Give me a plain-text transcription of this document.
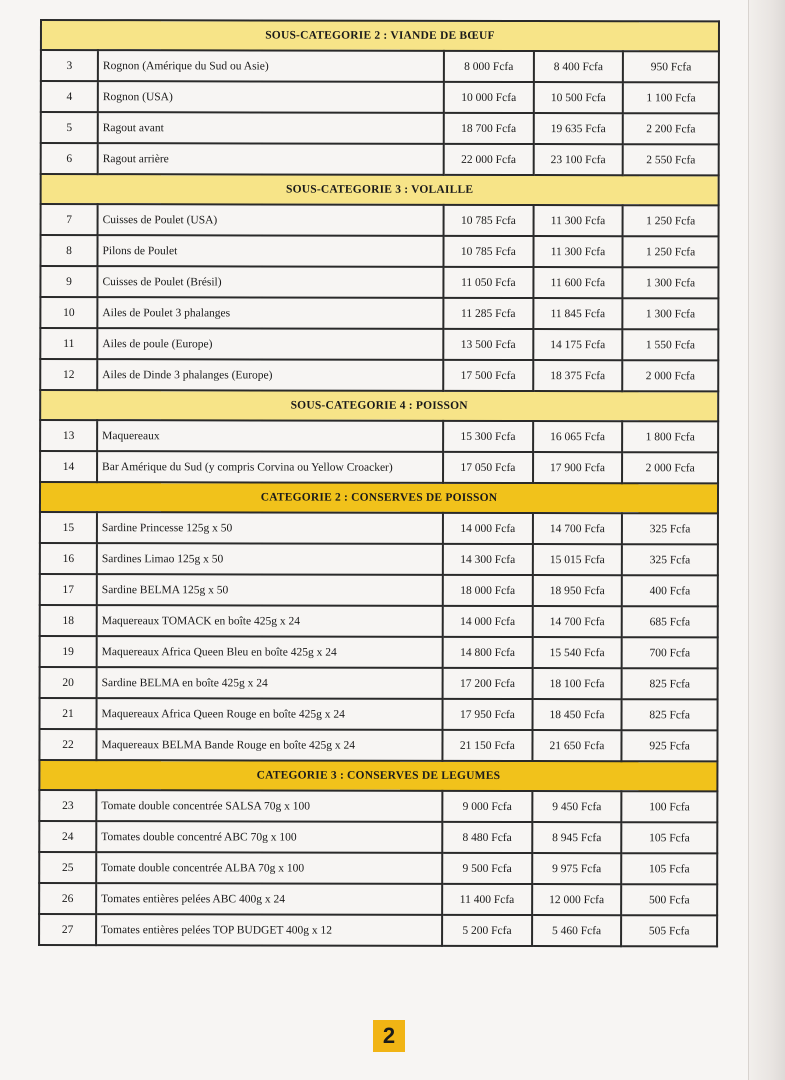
SOUS-CATEGORIE 2 : VIANDE DE BŒUF				
3	Rognon (Amérique du Sud ou Asie)	8 000 Fcfa	8 400 Fcfa	950 Fcfa
4	Rognon (USA)	10 000 Fcfa	10 500 Fcfa	1 100 Fcfa
5	Ragout avant	18 700 Fcfa	19 635 Fcfa	2 200 Fcfa
6	Ragout arrière	22 000 Fcfa	23 100 Fcfa	2 550 Fcfa
SOUS-CATEGORIE 3 : VOLAILLE				
7	Cuisses de Poulet (USA)	10 785 Fcfa	11 300 Fcfa	1 250 Fcfa
8	Pilons de Poulet	10 785 Fcfa	11 300 Fcfa	1 250 Fcfa
9	Cuisses de Poulet (Brésil)	11 050 Fcfa	11 600 Fcfa	1 300 Fcfa
10	Ailes de Poulet 3 phalanges	11 285 Fcfa	11 845 Fcfa	1 300 Fcfa
11	Ailes de poule (Europe)	13 500 Fcfa	14 175 Fcfa	1 550 Fcfa
12	Ailes de Dinde 3 phalanges (Europe)	17 500 Fcfa	18 375 Fcfa	2 000 Fcfa
SOUS-CATEGORIE 4 : POISSON				
13	Maquereaux	15 300 Fcfa	16 065 Fcfa	1 800 Fcfa
14	Bar Amérique du Sud (y compris Corvina ou Yellow Croacker)	17 050 Fcfa	17 900 Fcfa	2 000 Fcfa
CATEGORIE 2 : CONSERVES DE POISSON				
15	Sardine Princesse 125g x 50	14 000 Fcfa	14 700 Fcfa	325 Fcfa
16	Sardines Limao 125g x 50	14 300 Fcfa	15 015 Fcfa	325 Fcfa
17	Sardine BELMA 125g x 50	18 000 Fcfa	18 950 Fcfa	400 Fcfa
18	Maquereaux TOMACK en boîte 425g x 24	14 000 Fcfa	14 700 Fcfa	685 Fcfa
19	Maquereaux Africa Queen Bleu en boîte 425g x 24	14 800 Fcfa	15 540 Fcfa	700 Fcfa
20	Sardine BELMA en boîte 425g x 24	17 200 Fcfa	18 100 Fcfa	825 Fcfa
21	Maquereaux Africa Queen Rouge en boîte 425g x 24	17 950 Fcfa	18 450 Fcfa	825 Fcfa
22	Maquereaux BELMA Bande Rouge en boîte 425g x 24	21 150 Fcfa	21 650 Fcfa	925 Fcfa
CATEGORIE 3 : CONSERVES DE LEGUMES				
23	Tomate double concentrée SALSA 70g x 100	9 000 Fcfa	9 450 Fcfa	100 Fcfa
24	Tomates double concentré ABC 70g x 100	8 480 Fcfa	8 945 Fcfa	105 Fcfa
25	Tomate double concentrée ALBA 70g x 100	9 500 Fcfa	9 975 Fcfa	105 Fcfa
26	Tomates entières pelées ABC 400g x 24	11 400 Fcfa	12 000 Fcfa	500 Fcfa
27	Tomates entières pelées TOP BUDGET 400g x 12	5 200 Fcfa	5 460 Fcfa	505 Fcfa
2
